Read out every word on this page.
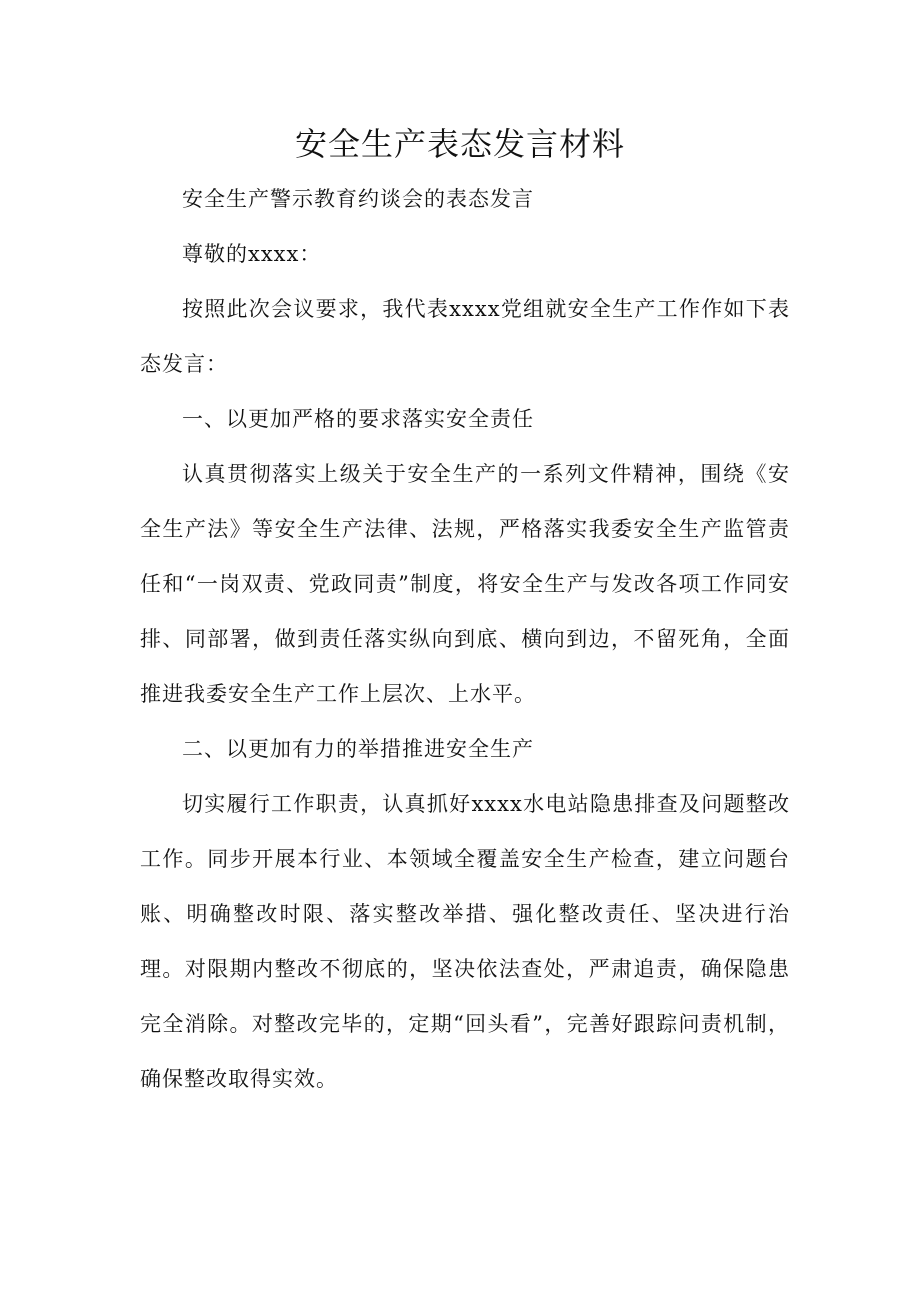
安全生产表态发言材料

安全生产警示教育约谈会的表态发言

尊敬的xxxx：

按照此次会议要求，我代表xxxx党组就安全生产工作作如下表态发言：

一、以更加严格的要求落实安全责任

认真贯彻落实上级关于安全生产的一系列文件精神，围绕《安全生产法》等安全生产法律、法规，严格落实我委安全生产监管责任和“一岗双责、党政同责”制度，将安全生产与发改各项工作同安排、同部署，做到责任落实纵向到底、横向到边，不留死角，全面推进我委安全生产工作上层次、上水平。

二、以更加有力的举措推进安全生产

切实履行工作职责，认真抓好xxxx水电站隐患排查及问题整改工作。同步开展本行业、本领域全覆盖安全生产检查，建立问题台账、明确整改时限、落实整改举措、强化整改责任、坚决进行治理。对限期内整改不彻底的，坚决依法查处，严肃追责，确保隐患完全消除。对整改完毕的，定期“回头看”，完善好跟踪问责机制，确保整改取得实效。
